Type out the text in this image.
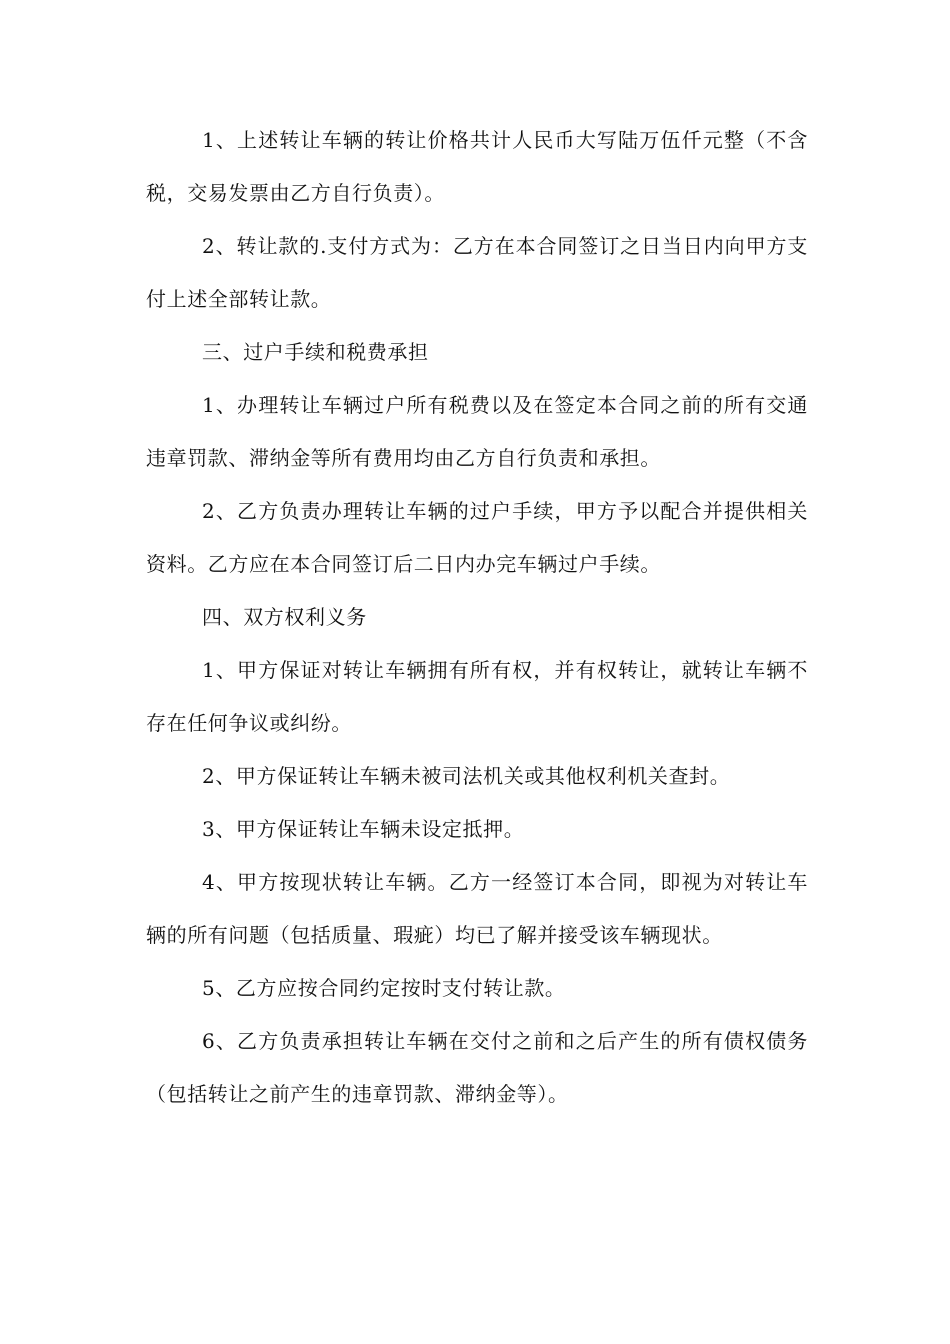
1、上述转让车辆的转让价格共计人民币大写陆万伍仟元整（不含税，交易发票由乙方自行负责）。

2、转让款的.支付方式为：乙方在本合同签订之日当日内向甲方支付上述全部转让款。

三、过户手续和税费承担

1、办理转让车辆过户所有税费以及在签定本合同之前的所有交通违章罚款、滞纳金等所有费用均由乙方自行负责和承担。

2、乙方负责办理转让车辆的过户手续，甲方予以配合并提供相关资料。乙方应在本合同签订后二日内办完车辆过户手续。

四、双方权利义务

1、甲方保证对转让车辆拥有所有权，并有权转让，就转让车辆不存在任何争议或纠纷。

2、甲方保证转让车辆未被司法机关或其他权利机关查封。

3、甲方保证转让车辆未设定抵押。

4、甲方按现状转让车辆。乙方一经签订本合同，即视为对转让车辆的所有问题（包括质量、瑕疵）均已了解并接受该车辆现状。

5、乙方应按合同约定按时支付转让款。

6、乙方负责承担转让车辆在交付之前和之后产生的所有债权债务（包括转让之前产生的违章罚款、滞纳金等）。
